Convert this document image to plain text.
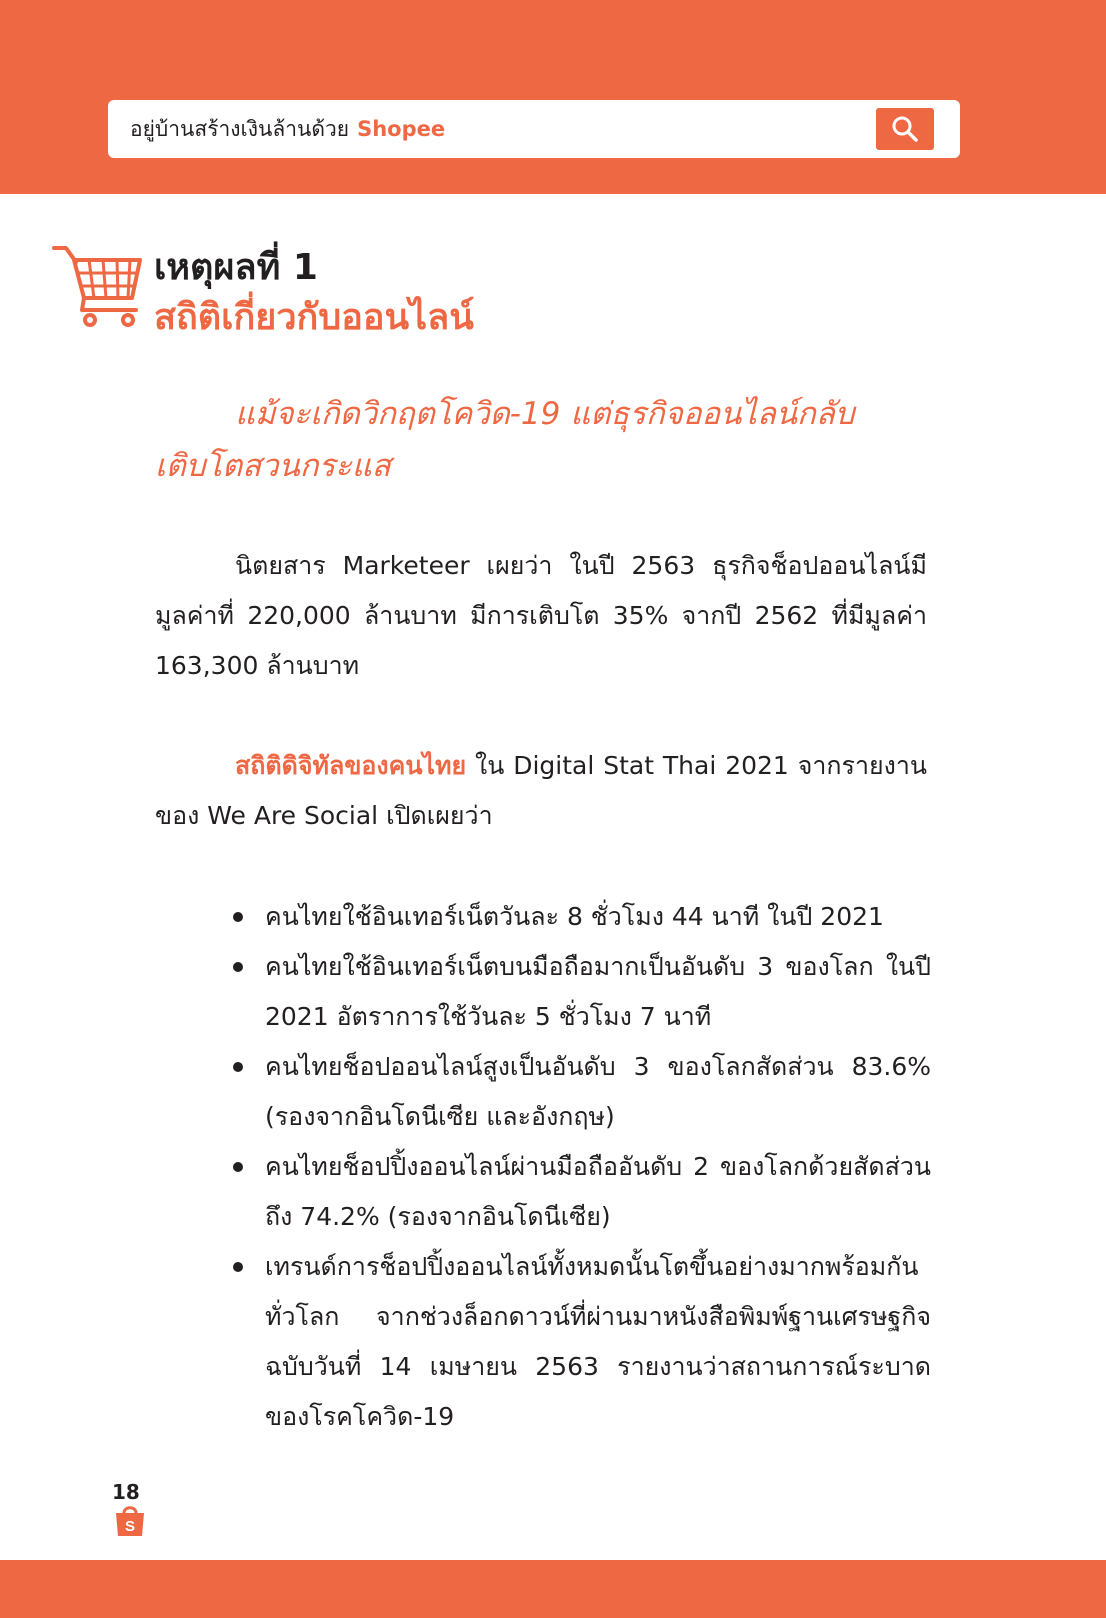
อยู่บ้านสร้างเงินล้านด้วย Shopee
เหตุผลที่ 1
สถิติเกี่ยวกับออนไลน์

แม้จะเกิดวิกฤตโควิด-19 แต่ธุรกิจออนไลน์กลับเติบโตสวนกระแส

นิตยสาร Marketeer เผยว่า ในปี 2563 ธุรกิจช็อปออนไลน์มีมูลค่าที่ 220,000 ล้านบาท มีการเติบโต 35% จากปี 2562 ที่มีมูลค่า 163,300 ล้านบาท

สถิติดิจิทัลของคนไทย ใน Digital Stat Thai 2021 จากรายงานของ We Are Social เปิดเผยว่า

คนไทยใช้อินเทอร์เน็ตวันละ 8 ชั่วโมง 44 นาที ในปี 2021
คนไทยใช้อินเทอร์เน็ตบนมือถือมากเป็นอันดับ 3 ของโลก ในปี 2021 อัตราการใช้วันละ 5 ชั่วโมง 7 นาที
คนไทยช็อปออนไลน์สูงเป็นอันดับ 3 ของโลกสัดส่วน 83.6% (รองจากอินโดนีเซีย และอังกฤษ)
คนไทยช็อปปิ้งออนไลน์ผ่านมือถืออันดับ 2 ของโลกด้วยสัดส่วนถึง 74.2% (รองจากอินโดนีเซีย)
เทรนด์การช็อปปิ้งออนไลน์ทั้งหมดนั้นโตขึ้นอย่างมากพร้อมกันทั่วโลก จากช่วงล็อกดาวน์ที่ผ่านมาหนังสือพิมพ์ฐานเศรษฐกิจ ฉบับวันที่ 14 เมษายน 2563 รายงานว่าสถานการณ์ระบาดของโรคโควิด-19
18
S
